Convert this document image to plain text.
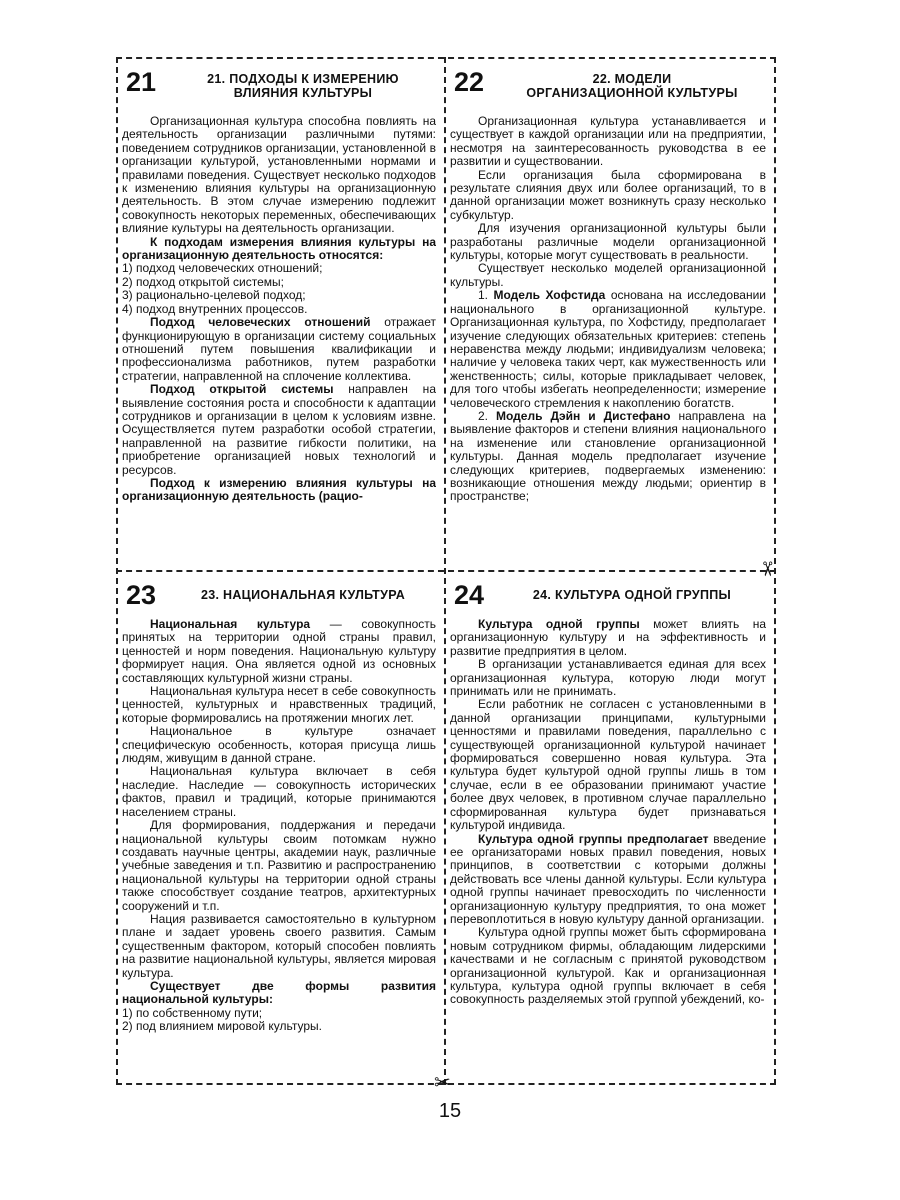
21	21. ПОДХОДЫ К ИЗМЕРЕНИЮ
ВЛИЯНИЯ КУЛЬТУРЫ

Организационная культура способна повлиять на деятельность организации различными путями: поведением сотрудников организации, установленной в организации культурой, установленными нормами и правилами поведения. Существует несколько подходов к изменению влияния культуры на организационную деятельность. В этом случае измерению подлежит совокупность некоторых переменных, обеспечивающих влияние культуры на деятельность организации.

К подходам измерения влияния культуры на организационную деятельность относятся:

1) подход человеческих отношений;

2) подход открытой системы;

3) рационально-целевой подход;

4) подход внутренних процессов.

Подход человеческих отношений отражает функционирующую в организации систему социальных отношений путем повышения квалификации и профессионализма работников, путем разработки стратегии, направленной на сплочение коллектива.

Подход открытой системы направлен на выявление состояния роста и способности к адаптации сотрудников и организации в целом к условиям извне. Осуществляется путем разработки особой стратегии, направленной на развитие гибкости политики, на приобретение организацией новых технологий и ресурсов.

Подход к измерению влияния культуры на организационную деятельность (рацио-

22	22. МОДЕЛИ
ОРГАНИЗАЦИОННОЙ КУЛЬТУРЫ

Организационная культура устанавливается и существует в каждой организации или на предприятии, несмотря на заинтересованность руководства в ее развитии и существовании.

Если организация была сформирована в результате слияния двух или более организаций, то в данной организации может возникнуть сразу несколько субкультур.

Для изучения организационной культуры были разработаны различные модели организационной культуры, которые могут существовать в реальности.

Существует несколько моделей организационной культуры.

1. Модель Хофстида основана на исследовании национального в организационной культуре. Организационная культура, по Хофстиду, предполагает изучение следующих обязательных критериев: степень неравенства между людьми; индивидуализм человека; наличие у человека таких черт, как мужественность или женственность; силы, которые прикладывает человек, для того чтобы избегать неопределенности; измерение человеческого стремления к накоплению богатств.

2. Модель Дэйн и Дистефано направлена на выявление факторов и степени влияния национального на изменение или становление организационной культуры. Данная модель предполагает изучение следующих критериев, подвергаемых изменению: возникающие отношения между людьми; ориентир в пространстве;

23	23. НАЦИОНАЛЬНАЯ КУЛЬТУРА

Национальная культура — совокупность принятых на территории одной страны правил, ценностей и норм поведения. Национальную культуру формирует нация. Она является одной из основных составляющих культурной жизни страны.

Национальная культура несет в себе совокупность ценностей, культурных и нравственных традиций, которые формировались на протяжении многих лет.

Национальное в культуре означает специфическую особенность, которая присуща лишь людям, живущим в данной стране.

Национальная культура включает в себя наследие. Наследие — совокупность исторических фактов, правил и традиций, которые принимаются населением страны.

Для формирования, поддержания и передачи национальной культуры своим потомкам нужно создавать научные центры, академии наук, различные учебные заведения и т.п. Развитию и распространению национальной культуры на территории одной страны также способствует создание театров, архитектурных сооружений и т.п.

Нация развивается самостоятельно в культурном плане и задает уровень своего развития. Самым существенным фактором, который способен повлиять на развитие национальной культуры, является мировая культура.

Существует две формы развития национальной культуры:

1) по собственному пути;

2) под влиянием мировой культуры.

24	24. КУЛЬТУРА ОДНОЙ ГРУППЫ

Культура одной группы может влиять на организационную культуру и на эффективность и развитие предприятия в целом.

В организации устанавливается единая для всех организационная культура, которую люди могут принимать или не принимать.

Если работник не согласен с установленными в данной организации принципами, культурными ценностями и правилами поведения, параллельно с существующей организационной культурой начинает формироваться совершенно новая культура. Эта культура будет культурой одной группы лишь в том случае, если в ее образовании принимают участие более двух человек, в противном случае параллельно сформированная культура будет признаваться культурой индивида.

Культура одной группы предполагает введение ее организаторами новых правил поведения, новых принципов, в соответствии с которыми должны действовать все члены данной культуры. Если культура одной группы начинает превосходить по численности организационную культуру предприятия, то она может перевоплотиться в новую культуру данной организации.

Культура одной группы может быть сформирована новым сотрудником фирмы, обладающим лидерскими качествами и не согласным с принятой руководством организационной культурой. Как и организационная культура, культура одной группы включает в себя совокупность разделяемых этой группой убеждений, ко-

✂
✂
15
